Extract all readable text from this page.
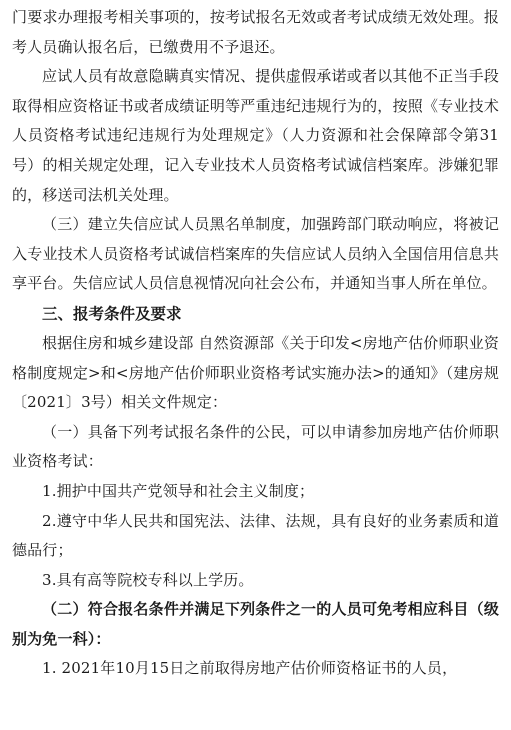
门要求办理报考相关事项的，按考试报名无效或者考试成绩无效处理。报考人员确认报名后，已缴费用不予退还。

应试人员有故意隐瞒真实情况、提供虚假承诺或者以其他不正当手段取得相应资格证书或者成绩证明等严重违纪违规行为的，按照《专业技术人员资格考试违纪违规行为处理规定》（人力资源和社会保障部令第31号）的相关规定处理，记入专业技术人员资格考试诚信档案库。涉嫌犯罪的，移送司法机关处理。

（三）建立失信应试人员黑名单制度，加强跨部门联动响应，将被记入专业技术人员资格考试诚信档案库的失信应试人员纳入全国信用信息共享平台。失信应试人员信息视情况向社会公布，并通知当事人所在单位。

三、报考条件及要求

根据住房和城乡建设部 自然资源部《关于印发<房地产估价师职业资格制度规定>和<房地产估价师职业资格考试实施办法>的通知》（建房规〔2021〕3号）相关文件规定：

（一）具备下列考试报名条件的公民，可以申请参加房地产估价师职业资格考试：

1.拥护中国共产党领导和社会主义制度；

2.遵守中华人民共和国宪法、法律、法规，具有良好的业务素质和道德品行；

3.具有高等院校专科以上学历。

（二）符合报名条件并满足下列条件之一的人员可免考相应科目（级别为免一科）：

1. 2021年10月15日之前取得房地产估价师资格证书的人员，
